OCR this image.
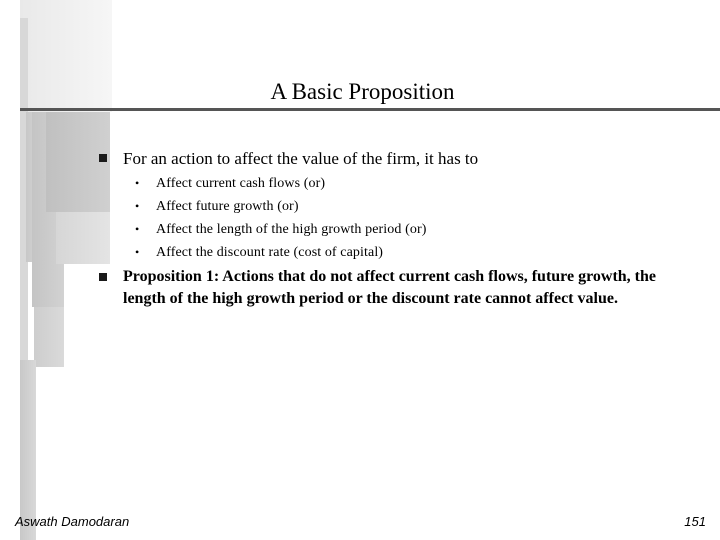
A Basic Proposition
For an action to affect the value of the firm, it has to
• Affect current cash flows (or)
• Affect future growth (or)
• Affect the length of the high growth period (or)
• Affect the discount rate (cost of capital)
Proposition 1: Actions that do not affect current cash flows, future growth, the length of the high growth period or the discount rate cannot affect value.
Aswath Damodaran	151
